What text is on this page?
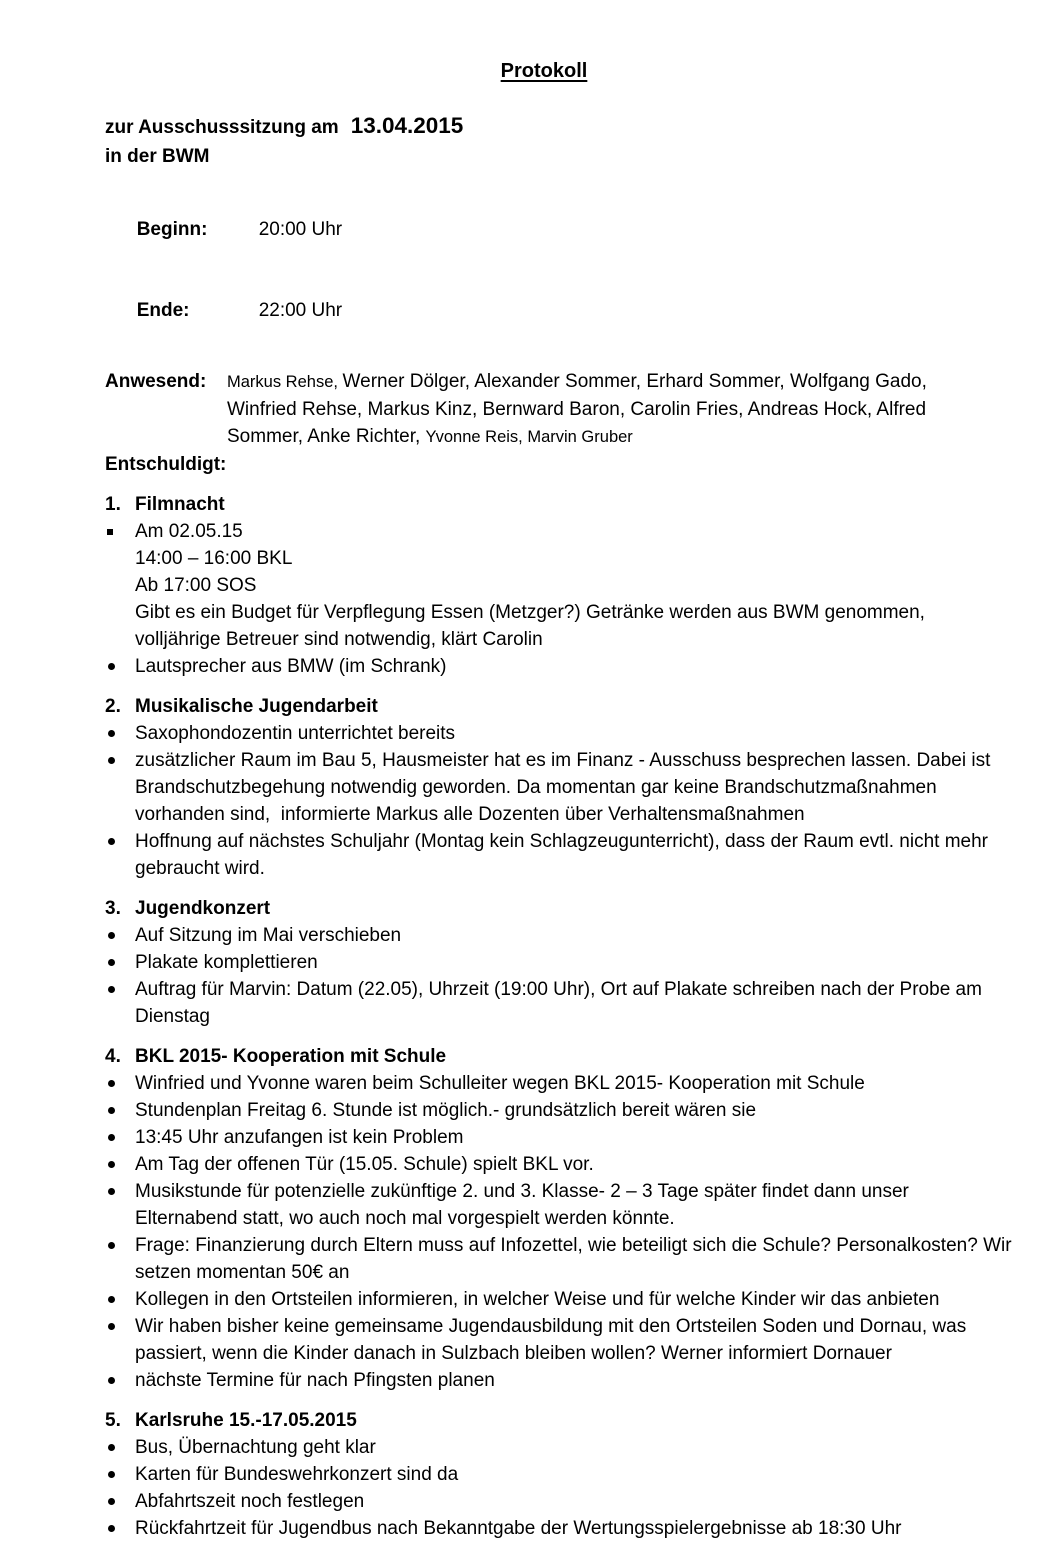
Protokoll
zur Ausschusssitzung am 13.04.2015
in der BWM

Beginn:	20:00 Uhr

Ende:	22:00 Uhr

Anwesend:	Markus Rehse, Werner Dölger, Alexander Sommer, Erhard Sommer, Wolfgang Gado,
Winfried Rehse, Markus Kinz, Bernward Baron, Carolin Fries, Andreas Hock, Alfred
Sommer, Anke Richter, Yvonne Reis, Marvin Gruber
Entschuldigt:
1. Filmnacht
Am 02.05.15
14:00 – 16:00 BKL
Ab 17:00 SOS
Gibt es ein Budget für Verpflegung Essen (Metzger?) Getränke werden aus BWM genommen,
volljährige Betreuer sind notwendig, klärt Carolin
Lautsprecher aus BMW (im Schrank)
2. Musikalische Jugendarbeit
Saxophondozentin unterrichtet bereits
zusätzlicher Raum im Bau 5, Hausmeister hat es im Finanz - Ausschuss besprechen lassen. Dabei ist
Brandschutzbegehung notwendig geworden. Da momentan gar keine Brandschutzmaßnahmen
vorhanden sind,  informierte Markus alle Dozenten über Verhaltensmaßnahmen
Hoffnung auf nächstes Schuljahr (Montag kein Schlagzeugunterricht), dass der Raum evtl. nicht mehr
gebraucht wird.
3. Jugendkonzert
Auf Sitzung im Mai verschieben
Plakate komplettieren
Auftrag für Marvin: Datum (22.05), Uhrzeit (19:00 Uhr), Ort auf Plakate schreiben nach der Probe am
Dienstag
4. BKL 2015- Kooperation mit Schule
Winfried und Yvonne waren beim Schulleiter wegen BKL 2015- Kooperation mit Schule
Stundenplan Freitag 6. Stunde ist möglich.- grundsätzlich bereit wären sie
13:45 Uhr anzufangen ist kein Problem
Am Tag der offenen Tür (15.05. Schule) spielt BKL vor.
Musikstunde für potenzielle zukünftige 2. und 3. Klasse- 2 – 3 Tage später findet dann unser
Elternabend statt, wo auch noch mal vorgespielt werden könnte.
Frage: Finanzierung durch Eltern muss auf Infozettel, wie beteiligt sich die Schule? Personalkosten? Wir
setzen momentan 50€ an
Kollegen in den Ortsteilen informieren, in welcher Weise und für welche Kinder wir das anbieten
Wir haben bisher keine gemeinsame Jugendausbildung mit den Ortsteilen Soden und Dornau, was
passiert, wenn die Kinder danach in Sulzbach bleiben wollen? Werner informiert Dornauer
nächste Termine für nach Pfingsten planen
5. Karlsruhe 15.-17.05.2015
Bus, Übernachtung geht klar
Karten für Bundeswehrkonzert sind da
Abfahrtszeit noch festlegen
Rückfahrtzeit für Jugendbus nach Bekanntgabe der Wertungsspielergebnisse ab 18:30 Uhr
